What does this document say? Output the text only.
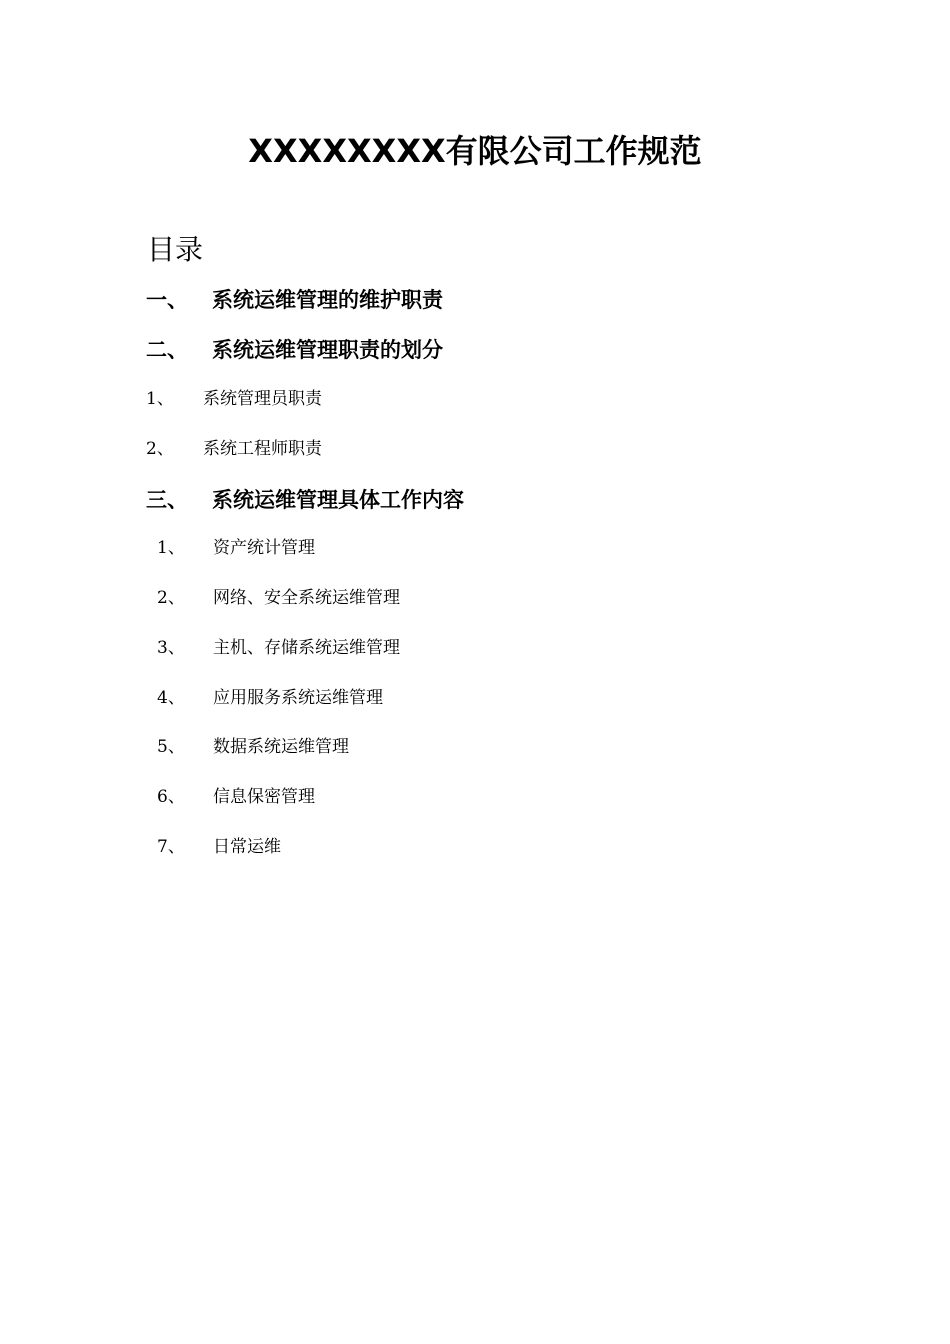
XXXXXXXX有限公司工作规范
目录
一、 系统运维管理的维护职责
二、 系统运维管理职责的划分
1、 系统管理员职责
2、 系统工程师职责
三、 系统运维管理具体工作内容
1、 资产统计管理
2、 网络、安全系统运维管理
3、 主机、存储系统运维管理
4、 应用服务系统运维管理
5、 数据系统运维管理
6、 信息保密管理
7、 日常运维
